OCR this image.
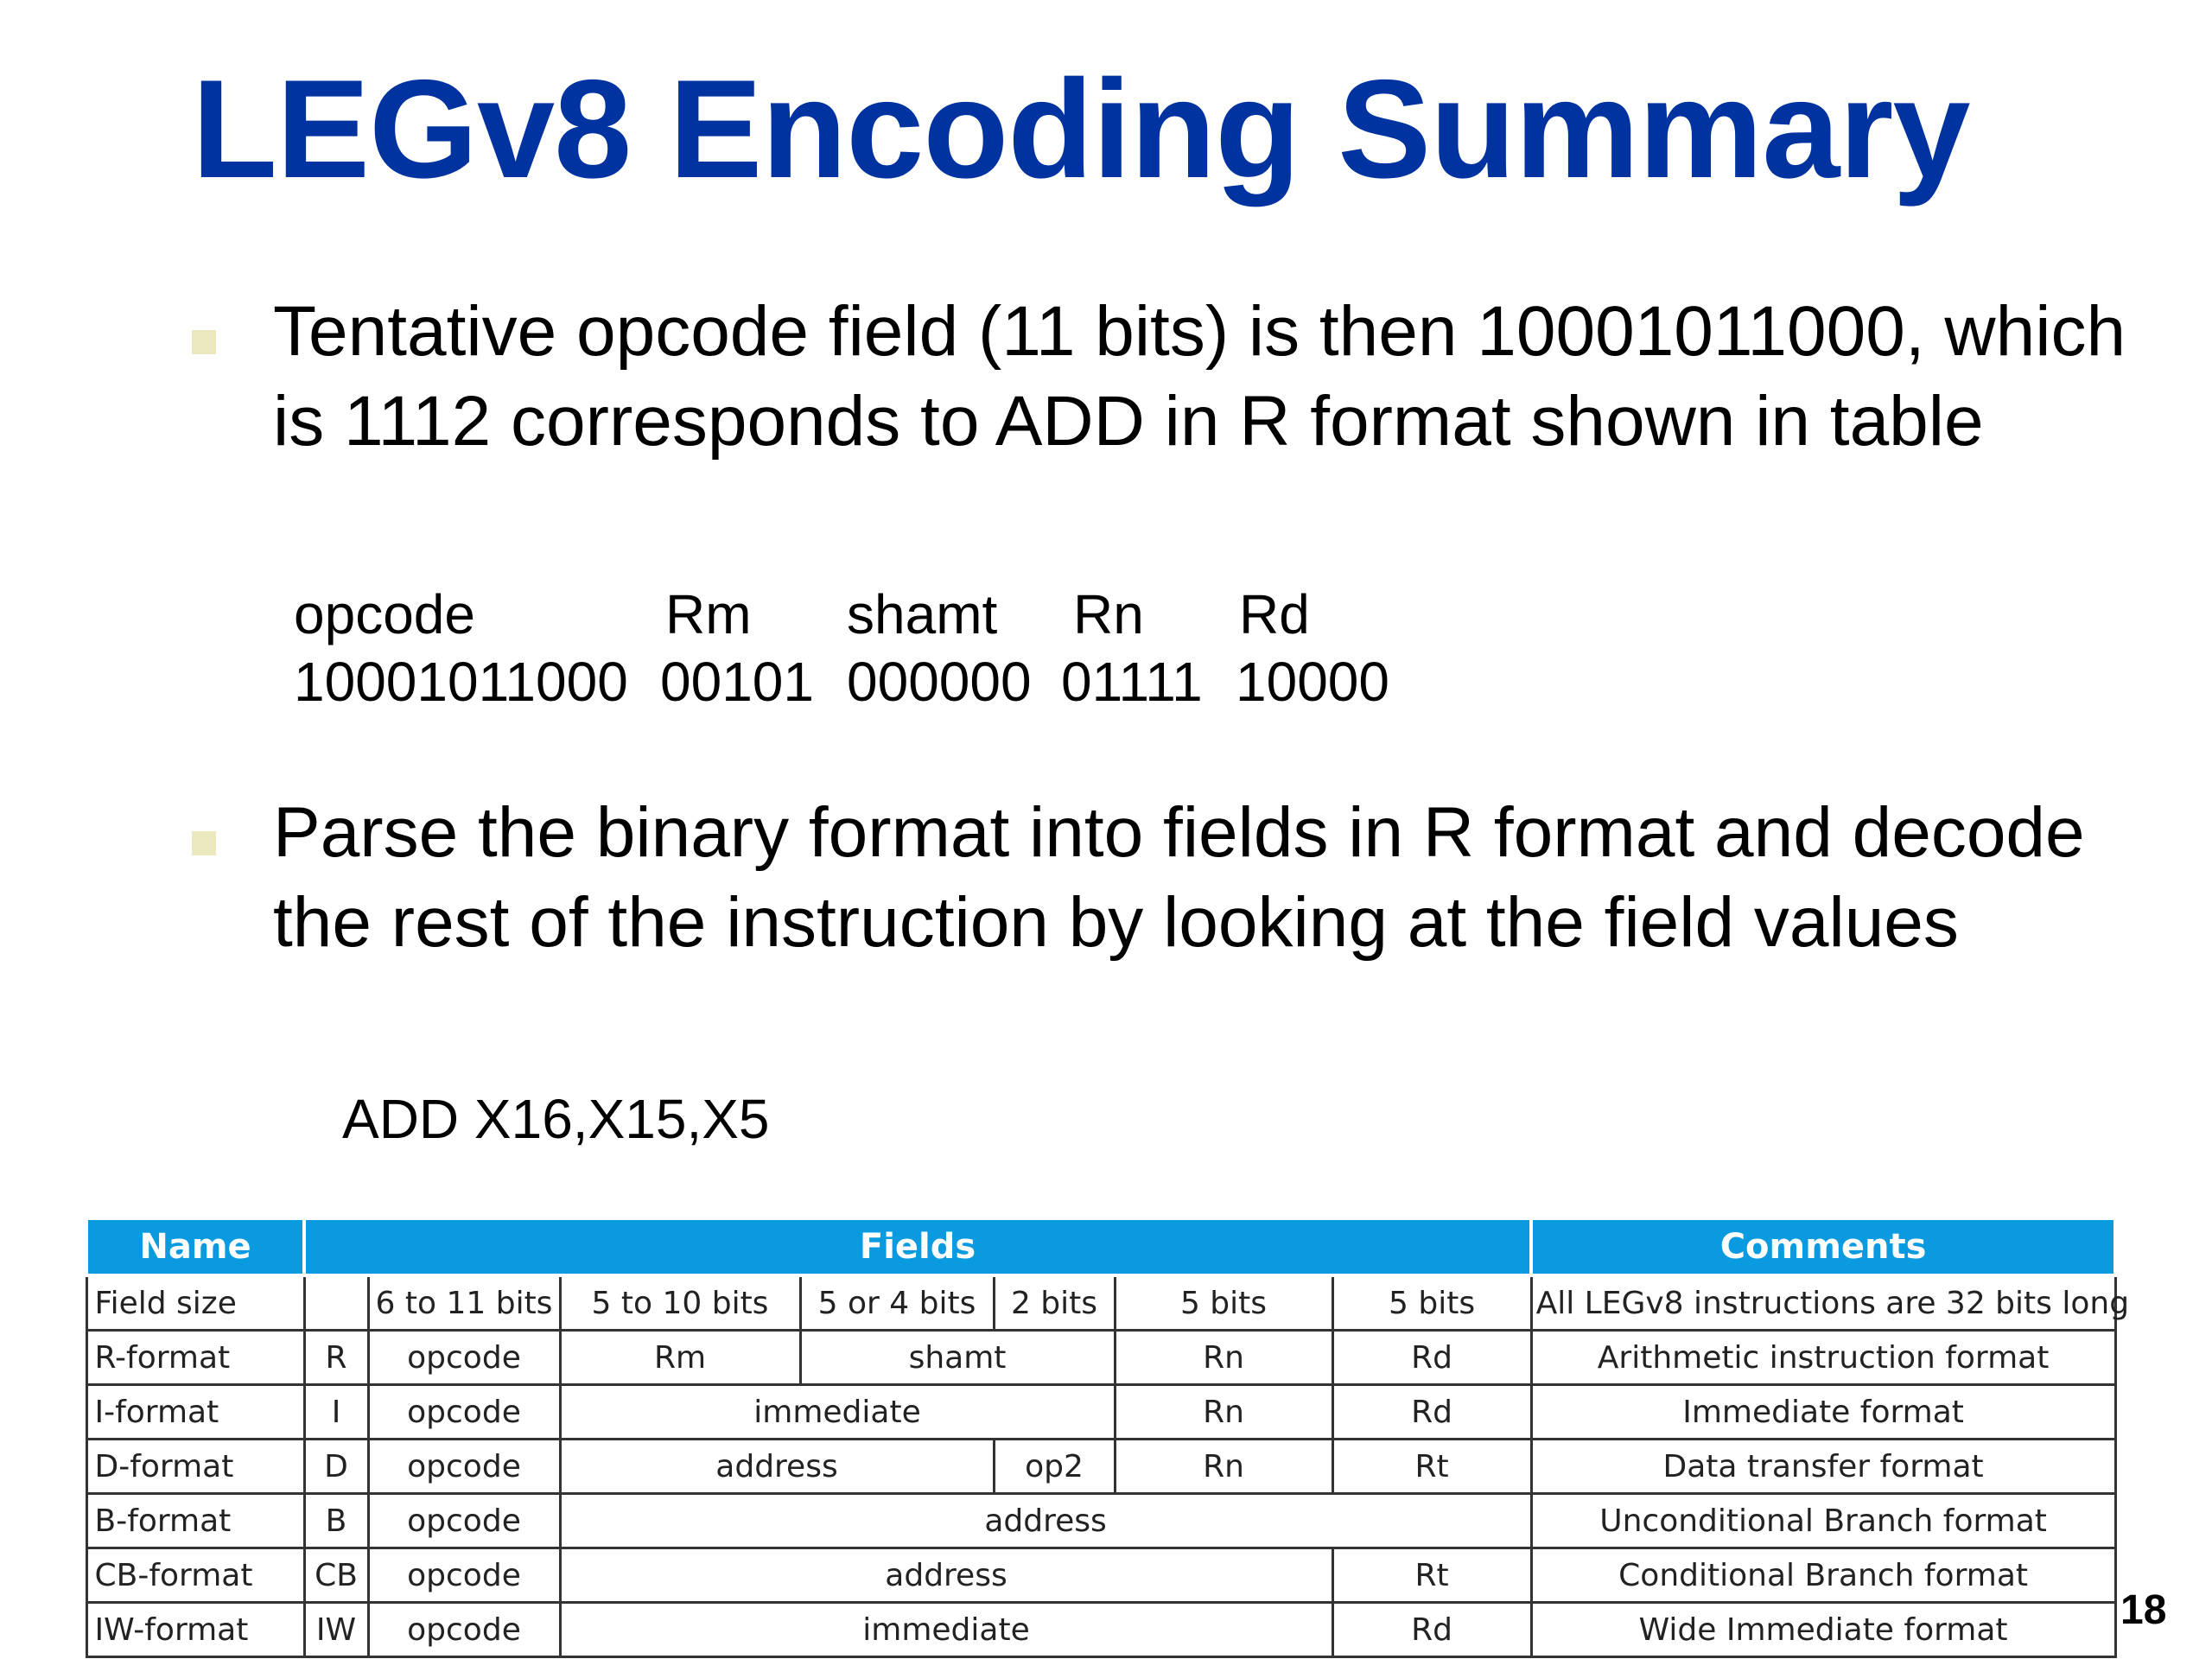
LEGv8 Encoding Summary
Tentative opcode field (11 bits) is then 10001011000, which is 1112 corresponds to ADD in R format shown in table
opcode	Rm shamt Rn Rd
10001011000 00101 000000 01111 10000
Parse the binary format into fields in R format and decode the rest of the instruction by looking at the field values
ADD X16,X15,X5
Name	Fields							Comments
Field size		6 to 11 bits	5 to 10 bits	5 or 4 bits	2 bits	5 bits	5 bits	All LEGv8 instructions are 32 bits long
R-format	R	opcode	Rm	shamt		Rn	Rd	Arithmetic instruction format
I-format	I	opcode	immediate			Rn	Rd	Immediate format
D-format	D	opcode	address		op2	Rn	Rt	Data transfer format
B-format	B	opcode	address					Unconditional Branch format
CB-format	CB	opcode	address				Rt	Conditional Branch format
IW-format	IW	opcode	immediate				Rd	Wide Immediate format	18
